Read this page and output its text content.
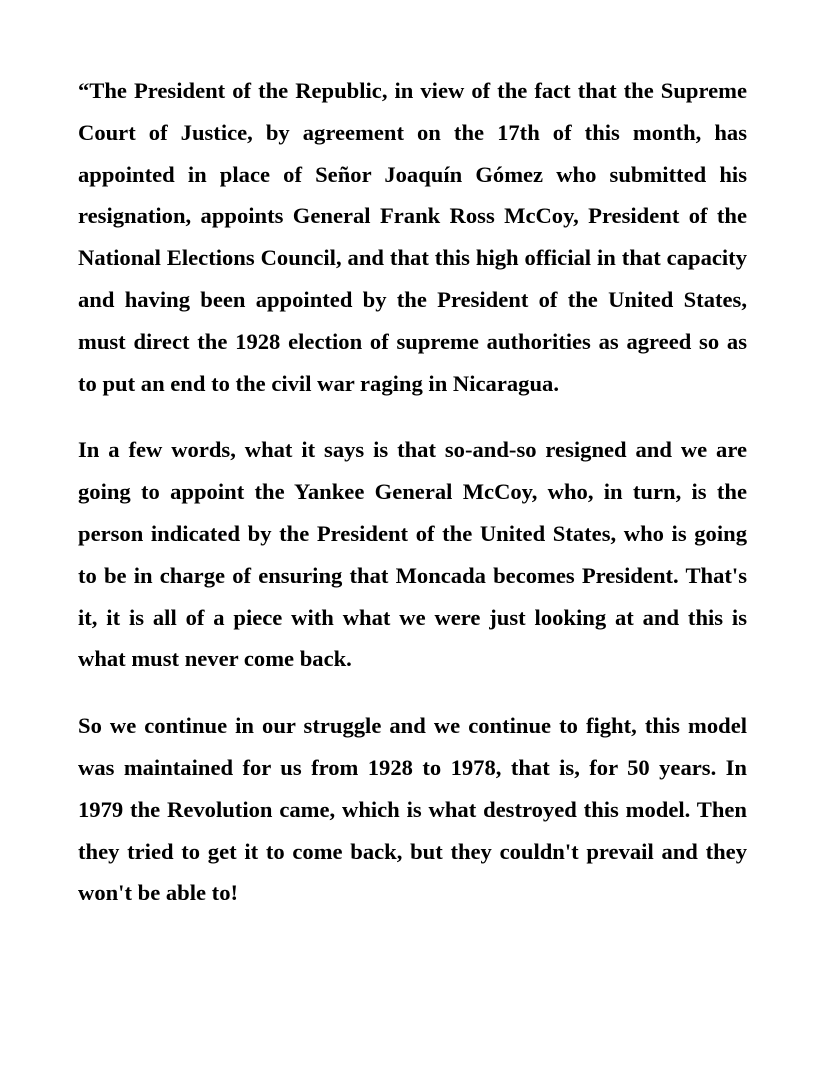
“The President of the Republic, in view of the fact that the Supreme Court of Justice, by agreement on the 17th of this month, has appointed in place of Señor Joaquín Gómez who submitted his resignation, appoints General Frank Ross McCoy, President of the National Elections Council, and that this high official in that capacity and having been appointed by the President of the United States, must direct the 1928 election of supreme authorities as agreed so as to put an end to the civil war raging in Nicaragua.

In a few words, what it says is that so-and-so resigned and we are going to appoint the Yankee General McCoy, who, in turn, is the person indicated by the President of the United States, who is going to be in charge of ensuring that Moncada becomes President. That's it, it is all of a piece with what we were just looking at and this is what must never come back.

So we continue in our struggle and we continue to fight, this model was maintained for us from 1928 to 1978, that is, for 50 years. In 1979 the Revolution came, which is what destroyed this model. Then they tried to get it to come back, but they couldn't prevail and they won't be able to!
